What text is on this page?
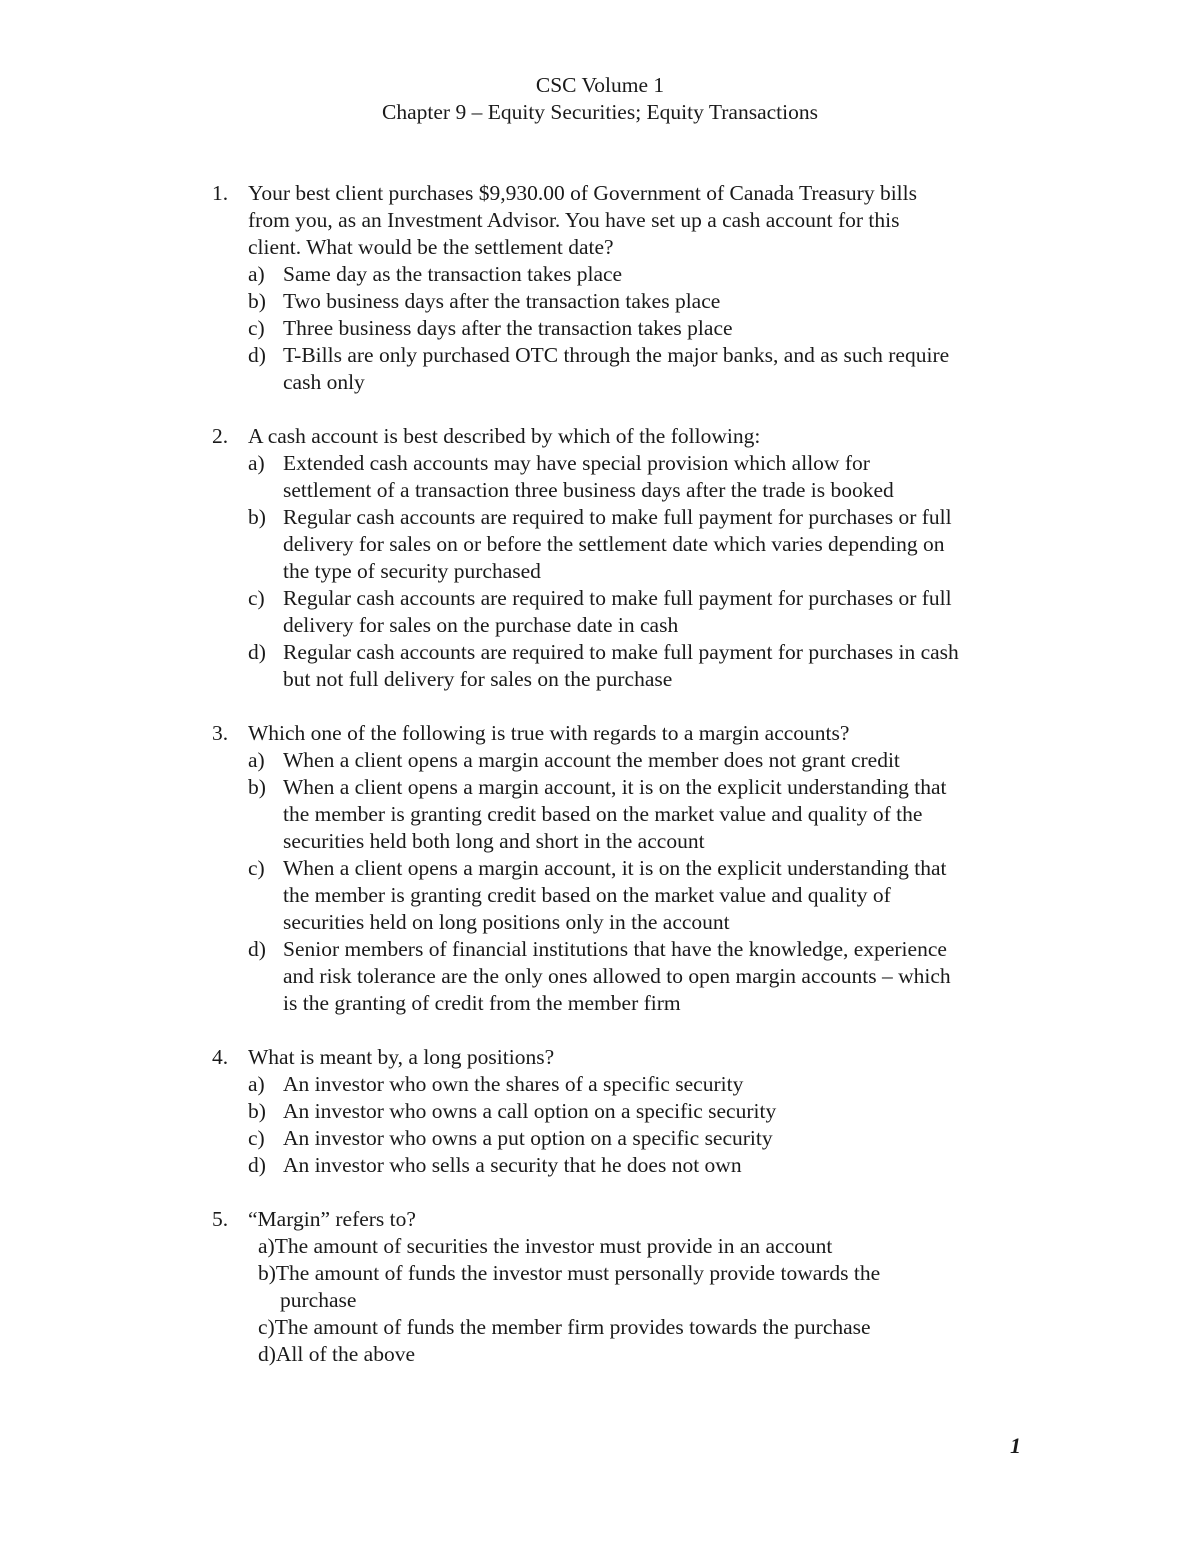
CSC Volume 1
Chapter 9 – Equity Securities; Equity Transactions
1. Your best client purchases $9,930.00 of Government of Canada Treasury bills
from you, as an Investment Advisor. You have set up a cash account for this
client. What would be the settlement date?
a) Same day as the transaction takes place
b) Two business days after the transaction takes place
c) Three business days after the transaction takes place
d) T-Bills are only purchased OTC through the major banks, and as such require
cash only
2. A cash account is best described by which of the following:
a) Extended cash accounts may have special provision which allow for
settlement of a transaction three business days after the trade is booked
b) Regular cash accounts are required to make full payment for purchases or full
delivery for sales on or before the settlement date which varies depending on
the type of security purchased
c) Regular cash accounts are required to make full payment for purchases or full
delivery for sales on the purchase date in cash
d) Regular cash accounts are required to make full payment for purchases in cash
but not full delivery for sales on the purchase
3. Which one of the following is true with regards to a margin accounts?
a) When a client opens a margin account the member does not grant credit
b) When a client opens a margin account, it is on the explicit understanding that
the member is granting credit based on the market value and quality of the
securities held both long and short in the account
c) When a client opens a margin account, it is on the explicit understanding that
the member is granting credit based on the market value and quality of
securities held on long positions only in the account
d) Senior members of financial institutions that have the knowledge, experience
and risk tolerance are the only ones allowed to open margin accounts – which
is the granting of credit from the member firm
4. What is meant by, a long positions?
a) An investor who own the shares of a specific security
b) An investor who owns a call option on a specific security
c) An investor who owns a put option on a specific security
d) An investor who sells a security that he does not own
5. “Margin” refers to?
a)The amount of securities the investor must provide in an account
b)The amount of funds the investor must personally provide towards the
purchase
c)The amount of funds the member firm provides towards the purchase
d)All of the above
1
